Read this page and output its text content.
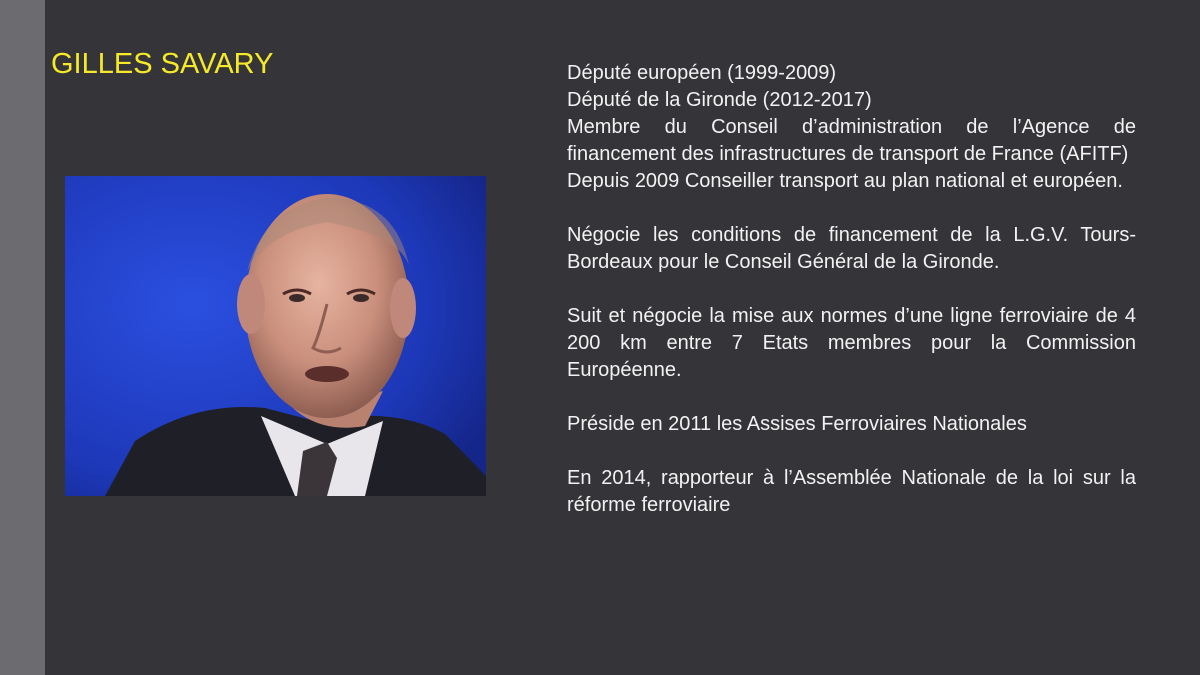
GILLES SAVARY	Député européen (1999-2009)

Député de la Gironde (2012-2017)

Membre du Conseil d’administration de l’Agence de financement des infrastructures de transport de France (AFITF)

Depuis 2009 Conseiller transport au plan national et européen.

Négocie les conditions de financement de la L.G.V. Tours-Bordeaux pour le Conseil Général de la Gironde.

Suit et négocie la mise aux normes d’une ligne ferroviaire de 4 200 km entre 7 Etats membres pour la Commission Européenne.

Préside en 2011 les Assises Ferroviaires Nationales

En 2014, rapporteur à l’Assemblée Nationale de la loi sur la réforme ferroviaire
